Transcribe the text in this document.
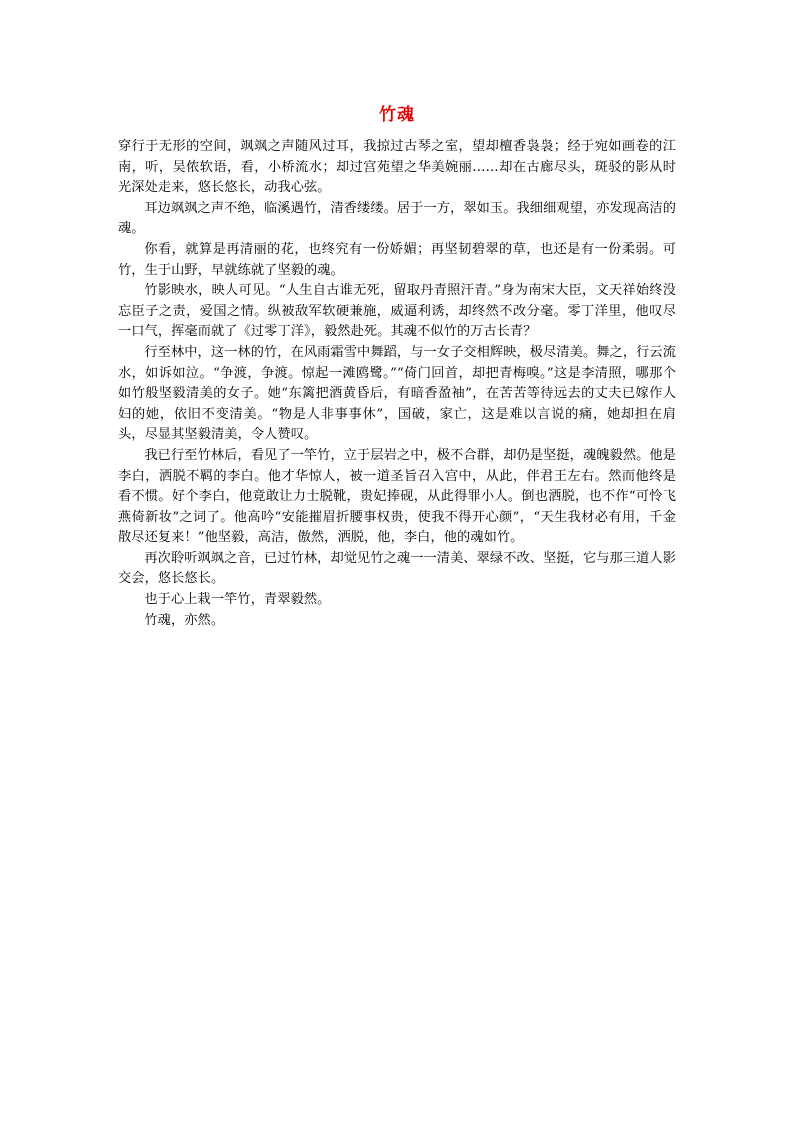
竹魂

穿行于无形的空间，飒飒之声随风过耳，我掠过古琴之室，望却檀香袅袅；经于宛如画卷的江南，听，吴侬软语，看，小桥流水；却过宫苑望之华美婉丽……却在古廊尽头，斑驳的影从时光深处走来，悠长悠长，动我心弦。

耳边飒飒之声不绝，临溪遇竹，清香缕缕。居于一方，翠如玉。我细细观望，亦发现高洁的魂。

你看，就算是再清丽的花，也终究有一份娇媚；再坚韧碧翠的草，也还是有一份柔弱。可竹，生于山野，早就练就了坚毅的魂。

竹影映水，映人可见。“人生自古谁无死，留取丹青照汗青。”身为南宋大臣，文天祥始终没忘臣子之责，爱国之情。纵被敌军软硬兼施，威逼利诱，却终然不改分毫。零丁洋里，他叹尽一口气，挥毫而就了《过零丁洋》，毅然赴死。其魂不似竹的万古长青？

行至林中，这一林的竹，在风雨霜雪中舞蹈，与一女子交相辉映，极尽清美。舞之，行云流水，如诉如泣。“争渡，争渡。惊起一滩鸥鹭。”“倚门回首，却把青梅嗅。”这是李清照，哪那个如竹般坚毅清美的女子。她“东篱把酒黄昏后，有暗香盈袖”，在苦苦等待远去的丈夫已嫁作人妇的她，依旧不变清美。“物是人非事事休”，国破，家亡，这是难以言说的痛，她却担在肩头，尽显其坚毅清美，令人赞叹。

我已行至竹林后，看见了一竿竹，立于层岩之中，极不合群，却仍是坚挺，魂魄毅然。他是李白，洒脱不羁的李白。他才华惊人，被一道圣旨召入宫中，从此，伴君王左右。然而他终是看不惯。好个李白，他竟敢让力士脱靴，贵妃捧砚，从此得罪小人。倒也洒脱，也不作“可怜飞燕倚新妆”之词了。他高吟“安能摧眉折腰事权贵，使我不得开心颜”，“天生我材必有用，千金散尽还复来！”他坚毅，高洁，傲然，洒脱，他，李白，他的魂如竹。

再次聆听飒飒之音，已过竹林，却觉见竹之魂一一清美、翠绿不改、坚挺，它与那三道人影交会，悠长悠长。

也于心上栽一竿竹，青翠毅然。

竹魂，亦然。
